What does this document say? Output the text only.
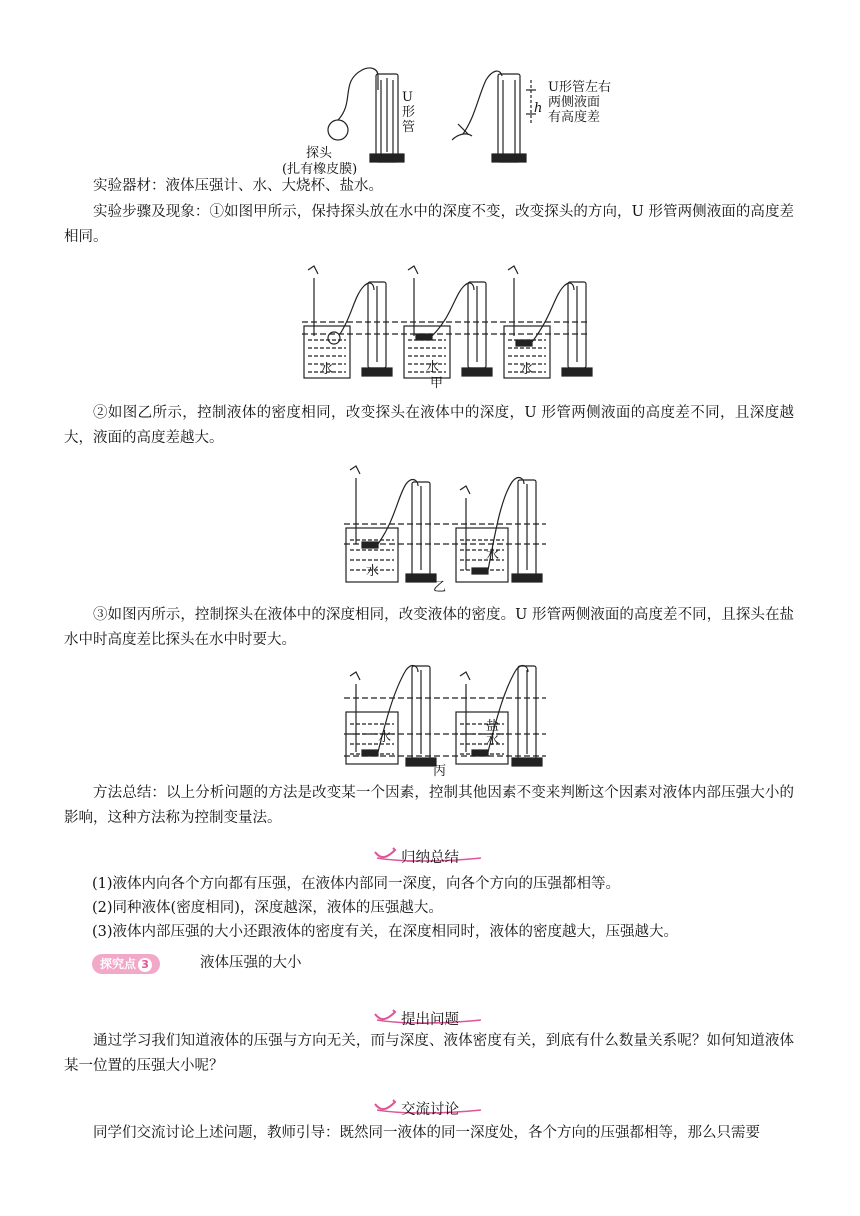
U
形
管
探头
(扎有橡皮膜)
h
U形管左右
两侧液面
有高度差

实验器材：液体压强计、水、大烧杯、盐水。

实验步骤及现象：①如图甲所示，保持探头放在水中的深度不变，改变探头的方向，U 形管两侧液面的高度差相同。

水	水	水
甲

②如图乙所示，控制液体的密度相同，改变探头在液体中的深度，U 形管两侧液面的高度差不同，且深度越大，液面的高度差越大。

水
水
乙

③如图丙所示，控制探头在液体中的深度相同，改变液体的密度。U 形管两侧液面的高度差不同，且探头在盐水中时高度差比探头在水中时要大。

水
盐
水
丙

方法总结：以上分析问题的方法是改变某一个因素，控制其他因素不变来判断这个因素对液体内部压强大小的影响，这种方法称为控制变量法。

归纳总结
(1)液体内向各个方向都有压强，在液体内部同一深度，向各个方向的压强都相等。
(2)同种液体(密度相同)，深度越深，液体的压强越大。
(3)液体内部压强的大小还跟液体的密度有关，在深度相同时，液体的密度越大，压强越大。
探究点 3	液体压强的大小
提出问题

通过学习我们知道液体的压强与方向无关，而与深度、液体密度有关，到底有什么数量关系呢？如何知道液体某一位置的压强大小呢？

交流讨论

同学们交流讨论上述问题，教师引导：既然同一液体的同一深度处，各个方向的压强都相等，那么只需要
